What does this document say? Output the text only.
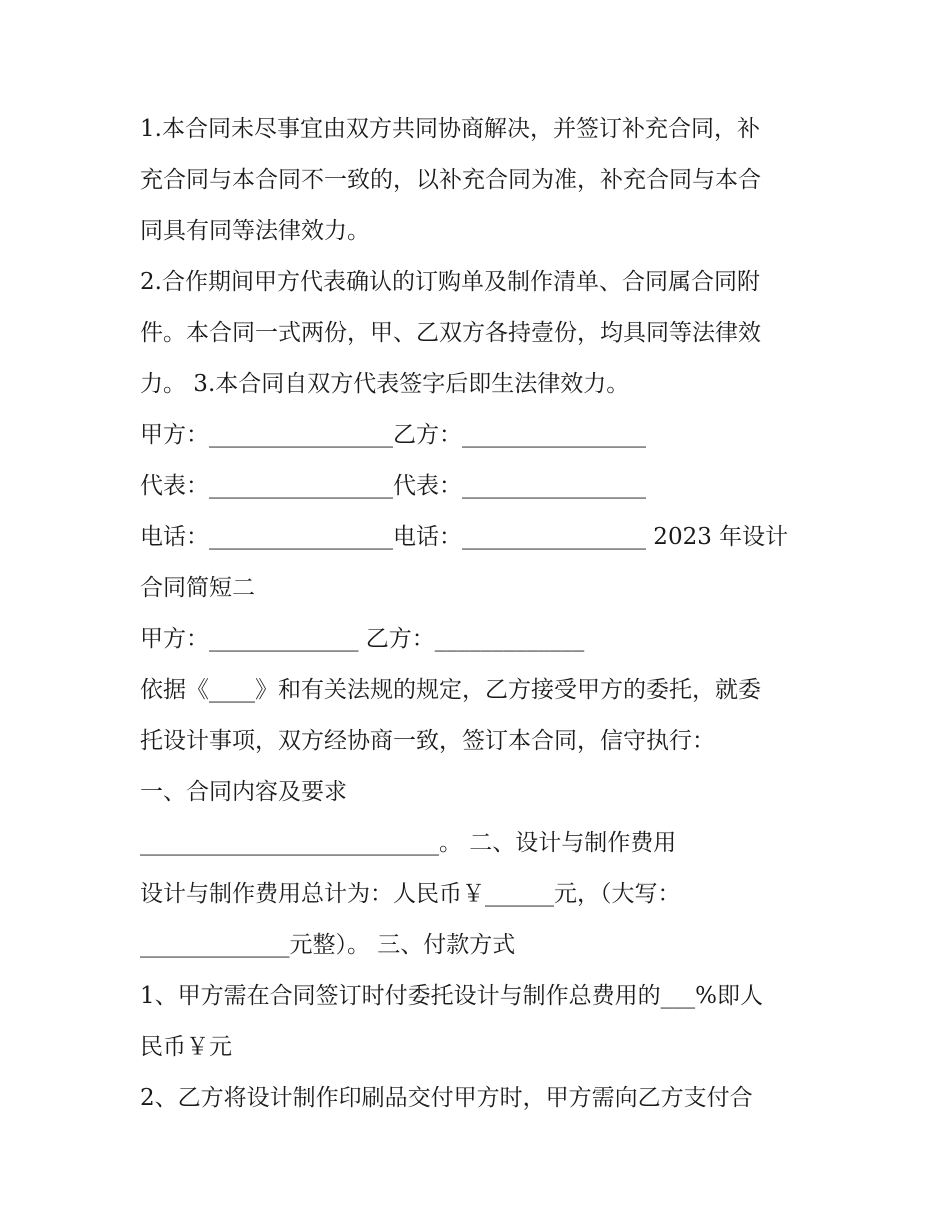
1.本合同未尽事宜由双方共同协商解决，并签订补充合同，补
充合同与本合同不一致的，以补充合同为准，补充合同与本合
同具有同等法律效力。
2.合作期间甲方代表确认的订购单及制作清单、合同属合同附
件。本合同一式两份，甲、乙双方各持壹份，均具同等法律效
力。 3.本合同自双方代表签字后即生法律效力。
甲方：________________乙方：________________
代表：________________代表：________________
电话：________________电话：________________ 2023 年设计
合同简短二
甲方：_____________ 乙方：_____________
依据《____》和有关法规的规定，乙方接受甲方的委托，就委
托设计事项，双方经协商一致，签订本合同，信守执行：
一、合同内容及要求
__________________________。 二、设计与制作费用
设计与制作费用总计为：人民币￥______元，（大写：
_____________元整）。 三、付款方式
1、甲方需在合同签订时付委托设计与制作总费用的___%即人
民币￥元
2、乙方将设计制作印刷品交付甲方时，甲方需向乙方支付合
